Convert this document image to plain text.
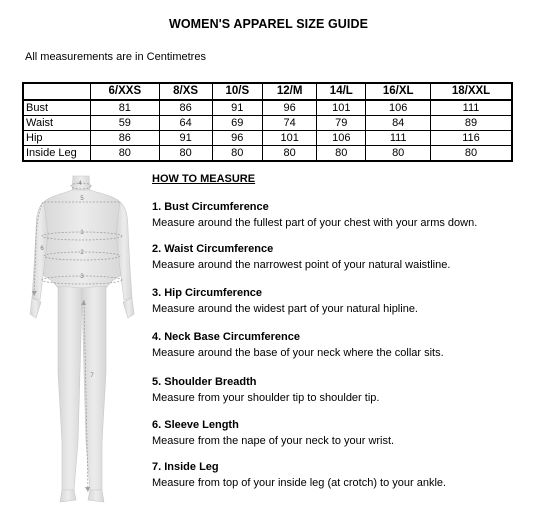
WOMEN'S APPAREL SIZE GUIDE
All measurements are in Centimetres
	6/XXS	8/XS	10/S	12/M	14/L	16/XL	18/XXL
Bust	81	86	91	96	101	106	111
Waist	59	64	69	74	79	84	89
Hip	86	91	96	101	106	111	116
Inside Leg	80	80	80	80	80	80	80
4
5
1
6
2
3
7
HOW TO MEASURE
1. Bust Circumference
Measure around the fullest part of your chest with your arms down.
2. Waist Circumference
Measure around the narrowest point of your natural waistline.
3. Hip Circumference
Measure around the widest part of your natural hipline.
4. Neck Base Circumference
Measure around the base of your neck where the collar sits.
5. Shoulder Breadth
Measure from your shoulder tip to shoulder tip.
6. Sleeve Length
Measure from the nape of your neck to your wrist.
7. Inside Leg
Measure from top of your inside leg (at crotch) to your ankle.
